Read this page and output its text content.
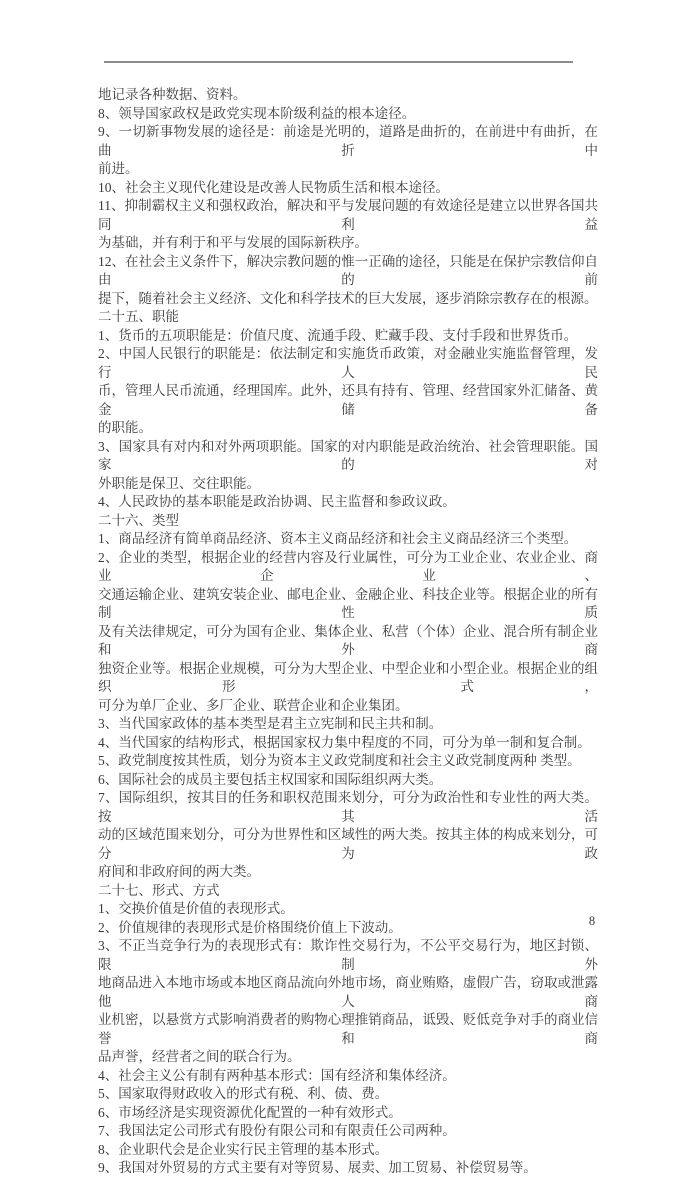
地记录各种数据、资料。
8、领导国家政权是政党实现本阶级利益的根本途径。
9、一切新事物发展的途径是：前途是光明的，道路是曲折的，在前进中有曲折，在曲折中
前进。
10、社会主义现代化建设是改善人民物质生活和根本途径。
11、抑制霸权主义和强权政治，解决和平与发展问题的有效途径是建立以世界各国共同利益
为基础，并有利于和平与发展的国际新秩序。
12、在社会主义条件下，解决宗教问题的惟一正确的途径，只能是在保护宗教信仰自由的前
提下，随着社会主义经济、文化和科学技术的巨大发展，逐步消除宗教存在的根源。
二十五、职能
1、货币的五项职能是：价值尺度、流通手段、贮藏手段、支付手段和世界货币。
2、中国人民银行的职能是：依法制定和实施货币政策，对金融业实施监督管理，发行人民
币，管理人民币流通，经理国库。此外，还具有持有、管理、经营国家外汇储备、黄金储备
的职能。
3、国家具有对内和对外两项职能。国家的对内职能是政治统治、社会管理职能。国家的对
外职能是保卫、交往职能。
4、人民政协的基本职能是政治协调、民主监督和参政议政。
二十六、类型
1、商品经济有简单商品经济、资本主义商品经济和社会主义商品经济三个类型。
2、企业的类型，根据企业的经营内容及行业属性，可分为工业企业、农业企业、商业企业、
交通运输企业、建筑安装企业、邮电企业、金融企业、科技企业等。根据企业的所有制性质
及有关法律规定，可分为国有企业、集体企业、私营（个体）企业、混合所有制企业和外商
独资企业等。根据企业规模，可分为大型企业、中型企业和小型企业。根据企业的组织形 式，
可分为单厂企业、多厂企业、联营企业和企业集团。
3、当代国家政体的基本类型是君主立宪制和民主共和制。
4、当代国家的结构形式，根据国家权力集中程度的不同，可分为单一制和复合制。
5、政党制度按其性质，划分为资本主义政党制度和社会主义政党制度两种 类型。
6、国际社会的成员主要包括主权国家和国际组织两大类。
7、国际组织，按其目的任务和职权范围来划分，可分为政治性和专业性的两大类。按其活
动的区域范围来划分，可分为世界性和区域性的两大类。按其主体的构成来划分，可分为政
府间和非政府间的两大类。
二十七、形式、方式
1、交换价值是价值的表现形式。
2、价值规律的表现形式是价格围绕价值上下波动。
3、不正当竞争行为的表现形式有：欺诈性交易行为，不公平交易行为，地区封锁、限制外
地商品进入本地市场或本地区商品流向外地市场，商业贿赂，虚假广告，窃取或泄露他人商
业机密，以悬赏方式影响消费者的购物心理推销商品，诋毁、贬低竞争对手的商业信誉和商
品声誉，经营者之间的联合行为。
4、社会主义公有制有两种基本形式：国有经济和集体经济。
5、国家取得财政收入的形式有税、利、债、费。
6、市场经济是实现资源优化配置的一种有效形式。
7、我国法定公司形式有股份有限公司和有限责任公司两种。
8、企业职代会是企业实行民主管理的基本形式。
9、我国对外贸易的方式主要有对等贸易、展卖、加工贸易、补偿贸易等。
8
